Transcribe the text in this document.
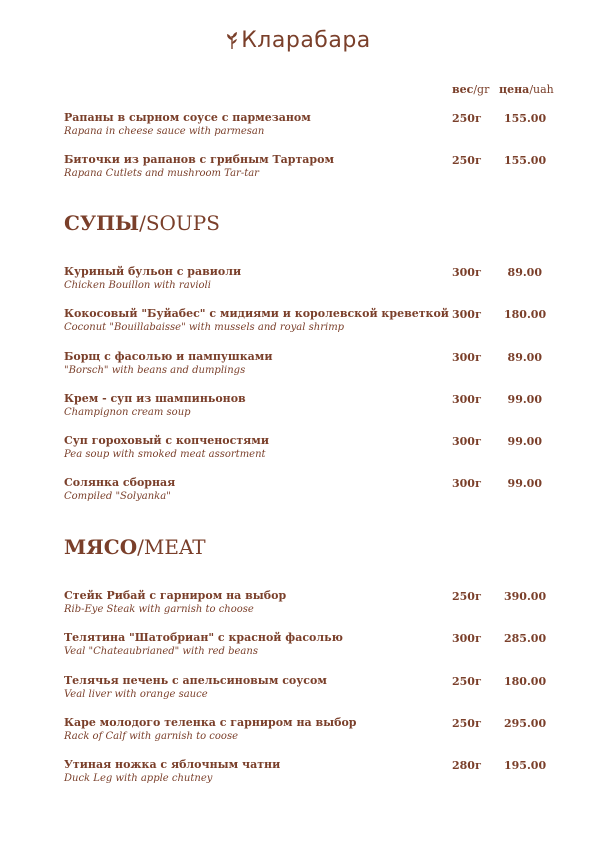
Кларабара
вес/gr цена/uah
Рапаны в сырном соусе с пармезаном
Rapana in cheese sauce with parmesan
250г 155.00
Биточки из рапанов с грибным Тартаром
Rapana Cutlets and mushroom Tar-tar
250г 155.00
СУПЫ/SOUPS
Куриный бульон с равиоли
Chicken Bouillon with ravioli
300г	89.00
Кокосовый "Буйабес" с мидиями и королевской креветкой
Coconut "Bouillabaisse" with mussels and royal shrimp
300г 180.00
Борщ с фасолью и пампушками
"Borsch" with beans and dumplings
300г	89.00
Крем - суп из шампиньонов
Champignon cream soup
300г	99.00
Суп гороховый с копченостями
Pea soup with smoked meat assortment
300г	99.00
Солянка сборная
Compiled "Solyanka"
300г	99.00
МЯСО/MEAT
Стейк Рибай с гарниром на выбор
Rib-Eye Steak with garnish to choose
250г 390.00
Телятина "Шатобриан" с красной фасолью
Veal "Chateaubrianed" with red beans
300г 285.00
Телячья печень с апельсиновым соусом
Veal liver with orange sauce
250г 180.00
Каре молодого теленка с гарниром на выбор
Rack of Calf with garnish to coose
250г 295.00
Утиная ножка с яблочным чатни
Duck Leg with apple chutney
280г 195.00
